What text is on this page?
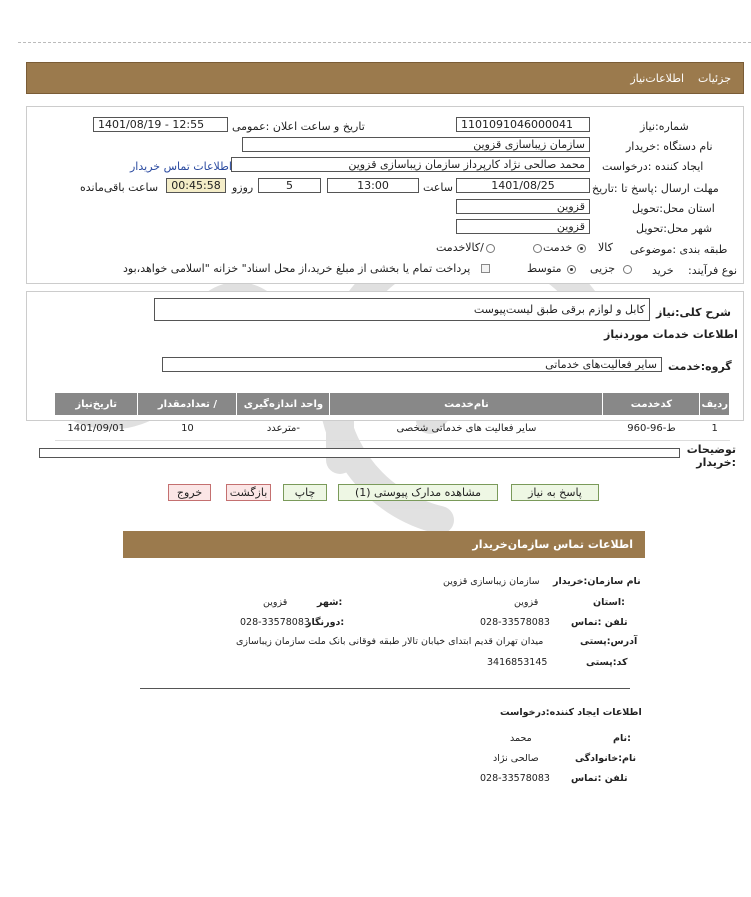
جزئیات    اطلاعات‌نیاز
شماره:نیاز
1101091046000041
تاریخ و ساعت اعلان :عمومی
1401/08/19 - 12:55
نام دستگاه :خریدار
سازمان زیباسازی قزوین
ایجاد کننده :درخواست
محمد صالحی نژاد کارپرداز سازمان زیباسازی قزوین
اطلاعات تماس خریدار
مهلت ارسال :پاسخ تا :تاریخ
1401/08/25
ساعت
13:00
5
روزو
00:45:58
ساعت باقی‌مانده
استان محل:تحویل
قزوین
شهر محل:تحویل
قزوین
طبقه بندی :موضوعی
کالا
خدمت
/کالاخدمت
نوع فرآیند:
خرید
جزیی
متوسط
پرداخت تمام یا بخشی از مبلغ خرید،از محل اسناد" خزانه "اسلامی خواهد،بود
شرح کلی:نیاز
کابل و لوازم برقی طبق لیست‌پیوست
اطلاعات خدمات موردنیاز
گروه:خدمت
سایر فعالیت‌های خدماتی
ردیف	کدخدمت	نام‌خدمت	واحد اندازه‌گیری	/ تعدادمقدار	تاریخ‌نیاز
1	ط-96-960	سایر فعالیت های خدماتی شخصی	-مترعدد	10	1401/09/01
توضیحات :خریدار
پاسخ به نیاز
مشاهده مدارک پیوستی (1)
چاپ
بازگشت
خروج
اطلاعات تماس سازمان‌خریدار
نام سازمان:خریدار
سازمان زیباسازی قزوین
:استان
قزوین
:شهر
قزوین
تلفن :تماس
028-33578083
:دورنگار
028-33578083
آدرس:پستی
میدان تهران قدیم ابتدای خیابان تالار طبقه فوقانی بانک ملت سازمان زیباسازی
کد:پستی
3416853145
اطلاعات ایجاد کننده:درخواست
:نام
محمد
نام:خانوادگی
صالحی نژاد
تلفن :تماس
028-33578083
